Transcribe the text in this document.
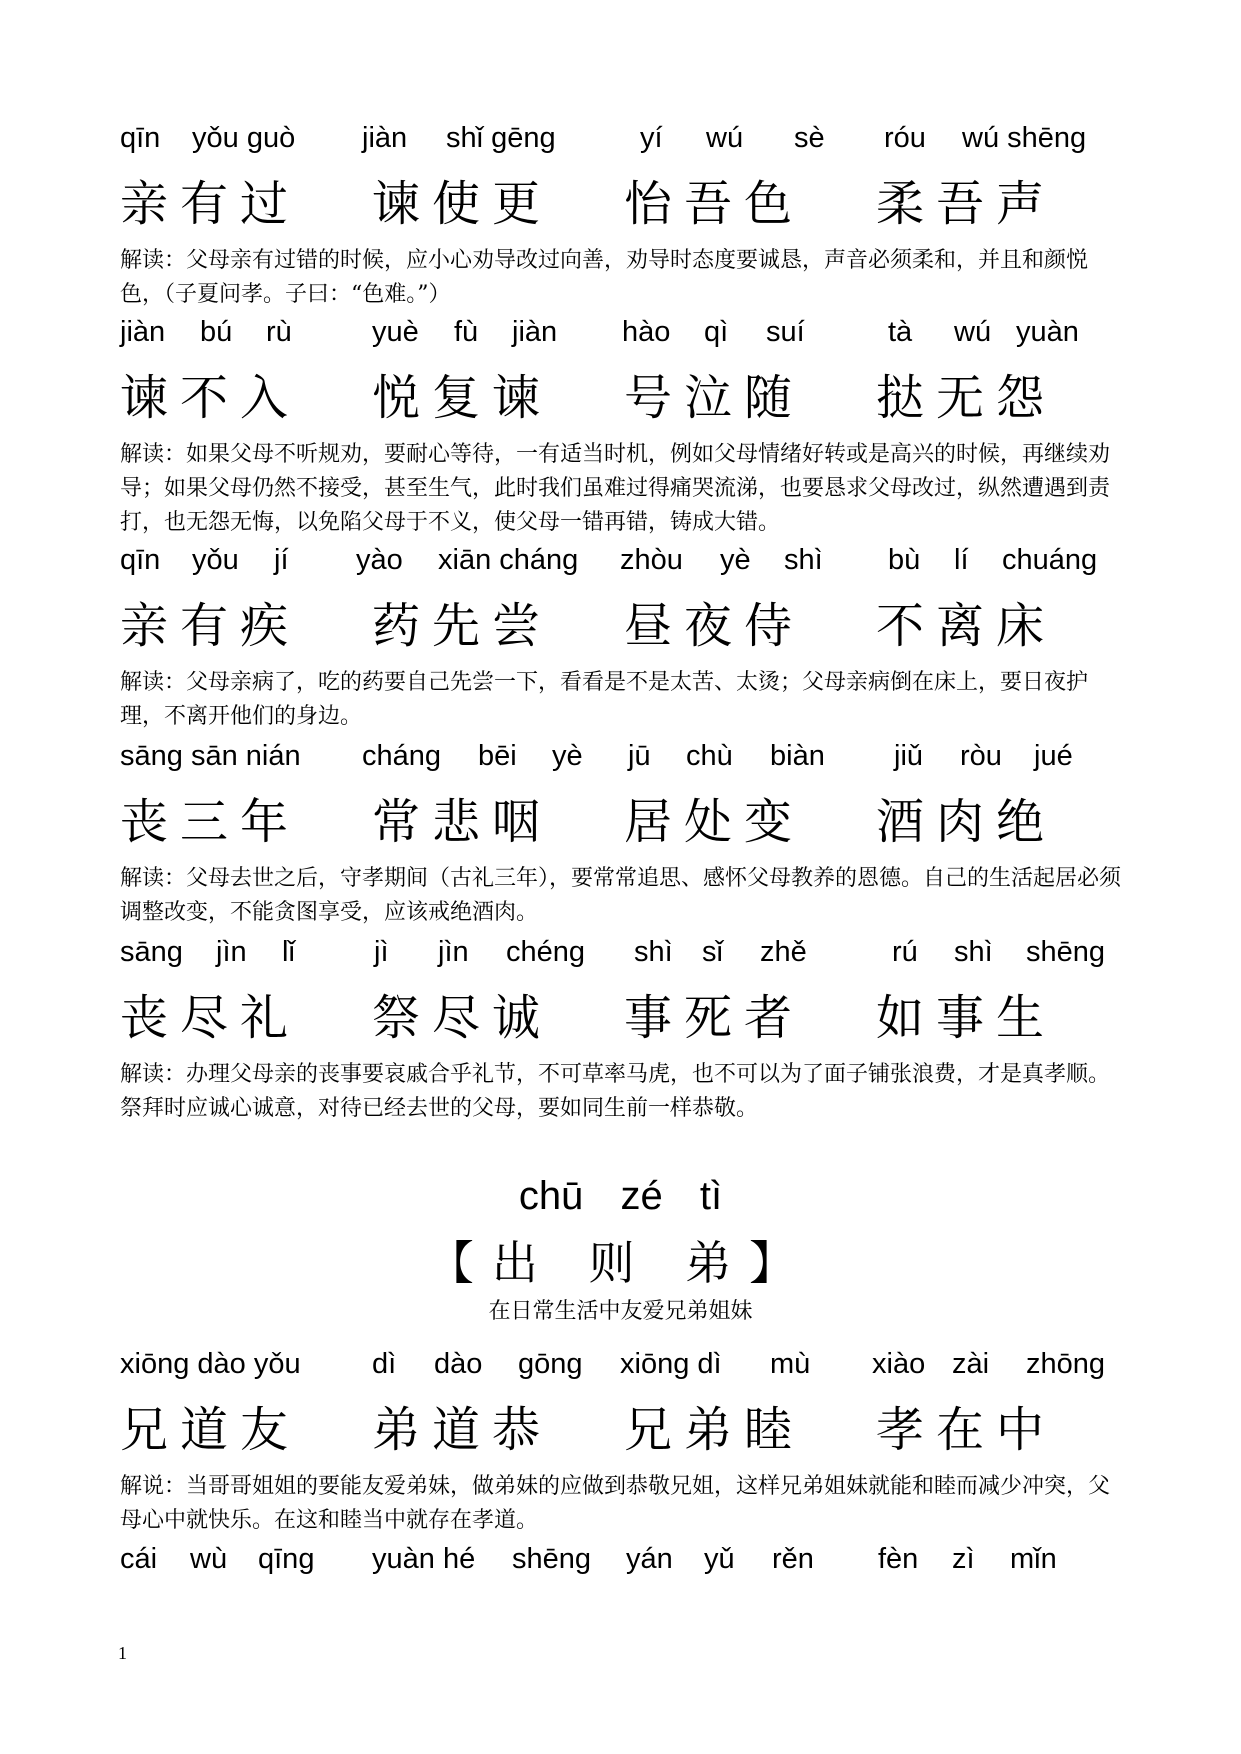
qīn yǒu guò jiàn shǐ gēng	yí wú sè róu wú shēng
亲有过 谏使更 怡吾色 柔吾声
解读：父母亲有过错的时候，应小心劝导改过向善，劝导时态度要诚恳，声音必须柔和，并且和颜悦色，（子夏问孝。子曰：“色难。”）
jiàn bú rù	yuè fù jiàn hào qì suí	tà wú yuàn
谏不入 悦复谏 号泣随 挞无怨
解读：如果父母不听规劝，要耐心等待，一有适当时机，例如父母情绪好转或是高兴的时候，再继续劝导；如果父母仍然不接受，甚至生气，此时我们虽难过得痛哭流涕，也要恳求父母改过，纵然遭遇到责打，也无怨无悔，以免陷父母于不义，使父母一错再错，铸成大错。
qīn yǒu jí yào xiān cháng zhòu yè shì bù lí chuáng
亲有疾 药先尝 昼夜侍 不离床
解读：父母亲病了，吃的药要自己先尝一下，看看是不是太苦、太烫；父母亲病倒在床上，要日夜护理，不离开他们的身边。
sāng sān nián cháng bēi yè jū chù biàn jiǔ ròu jué
丧三年 常悲咽 居处变 酒肉绝
解读：父母去世之后，守孝期间（古礼三年），要常常追思、感怀父母教养的恩德。自己的生活起居必须调整改变，不能贪图享受，应该戒绝酒肉。
sāng jìn lǐ	jì jìn chéng shì sǐ zhě	rú shì shēng
丧尽礼 祭尽诚 事死者 如事生
解读：办理父母亲的丧事要哀戚合乎礼节，不可草率马虎，也不可以为了面子铺张浪费，才是真孝顺。祭拜时应诚心诚意，对待已经去世的父母，要如同生前一样恭敬。
chū zé tì
【出 则 弟】
在日常生活中友爱兄弟姐妹
xiōng dào yǒu dì dào gōng xiōng dì mù xiào zài zhōng
兄道友 弟道恭 兄弟睦 孝在中
解说：当哥哥姐姐的要能友爱弟妹，做弟妹的应做到恭敬兄姐，这样兄弟姐妹就能和睦而减少冲突，父母心中就快乐。在这和睦当中就存在孝道。
cái wù qīng yuàn hé shēng yán yǔ rěn fèn zì mǐn
1
